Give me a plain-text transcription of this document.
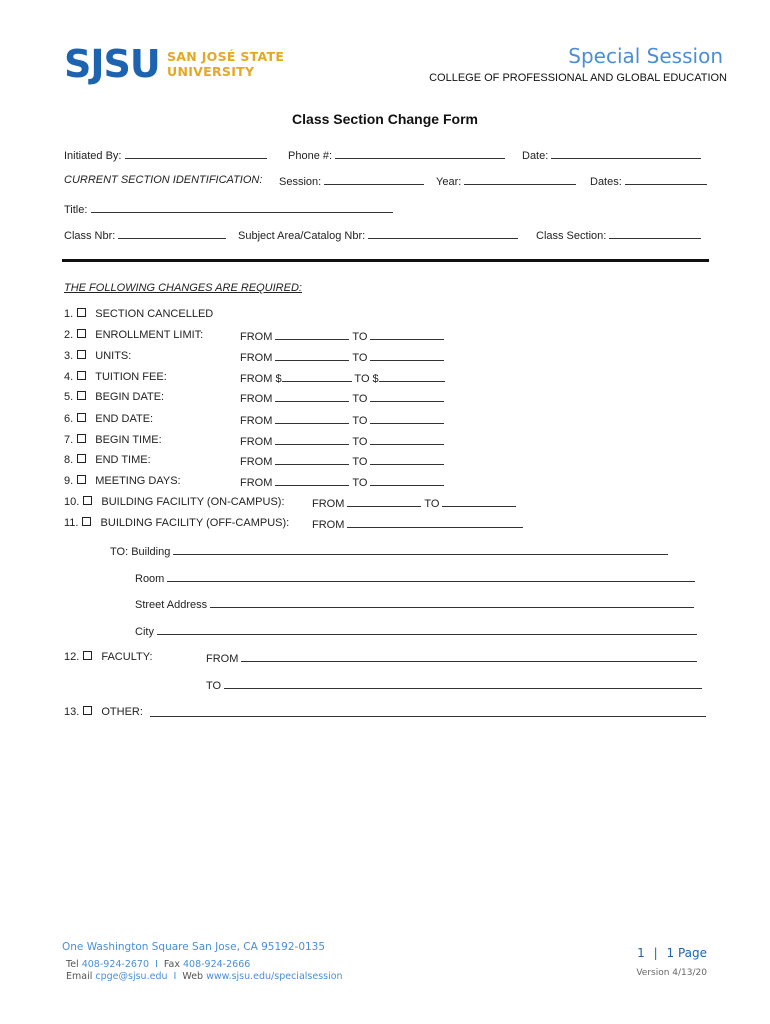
SJSU SAN JOSÉ STATE
UNIVERSITY
Special Session
COLLEGE OF PROFESSIONAL AND GLOBAL EDUCATION
Class Section Change Form
Initiated By:	Phone #:	Date:
CURRENT SECTION IDENTIFICATION: Session:	Year:	Dates:
Title:
Class Nbr:	Subject Area/Catalog Nbr:	Class Section:
THE FOLLOWING CHANGES ARE REQUIRED:
1. SECTION CANCELLED
2. ENROLLMENT LIMIT:	FROM	TO
3. UNITS:	FROM	TO
4. TUITION FEE:	FROM $	TO $
5. BEGIN DATE:	FROM	TO
6. END DATE:	FROM	TO
7. BEGIN TIME:	FROM	TO
8. END TIME:	FROM	TO
9. MEETING DAYS:	FROM	TO
10. BUILDING FACILITY (ON-CAMPUS): FROM	TO
11. BUILDING FACILITY (OFF-CAMPUS): FROM
TO: Building
Room
Street Address
City
12. FACULTY:	FROM
TO
13. OTHER:
One Washington Square San Jose, CA 95192-0135
Tel 408-924-2670 I Fax 408-924-2666
Email cpge@sjsu.edu I Web www.sjsu.edu/specialsession
1 | 1 Page
Version 4/13/20
